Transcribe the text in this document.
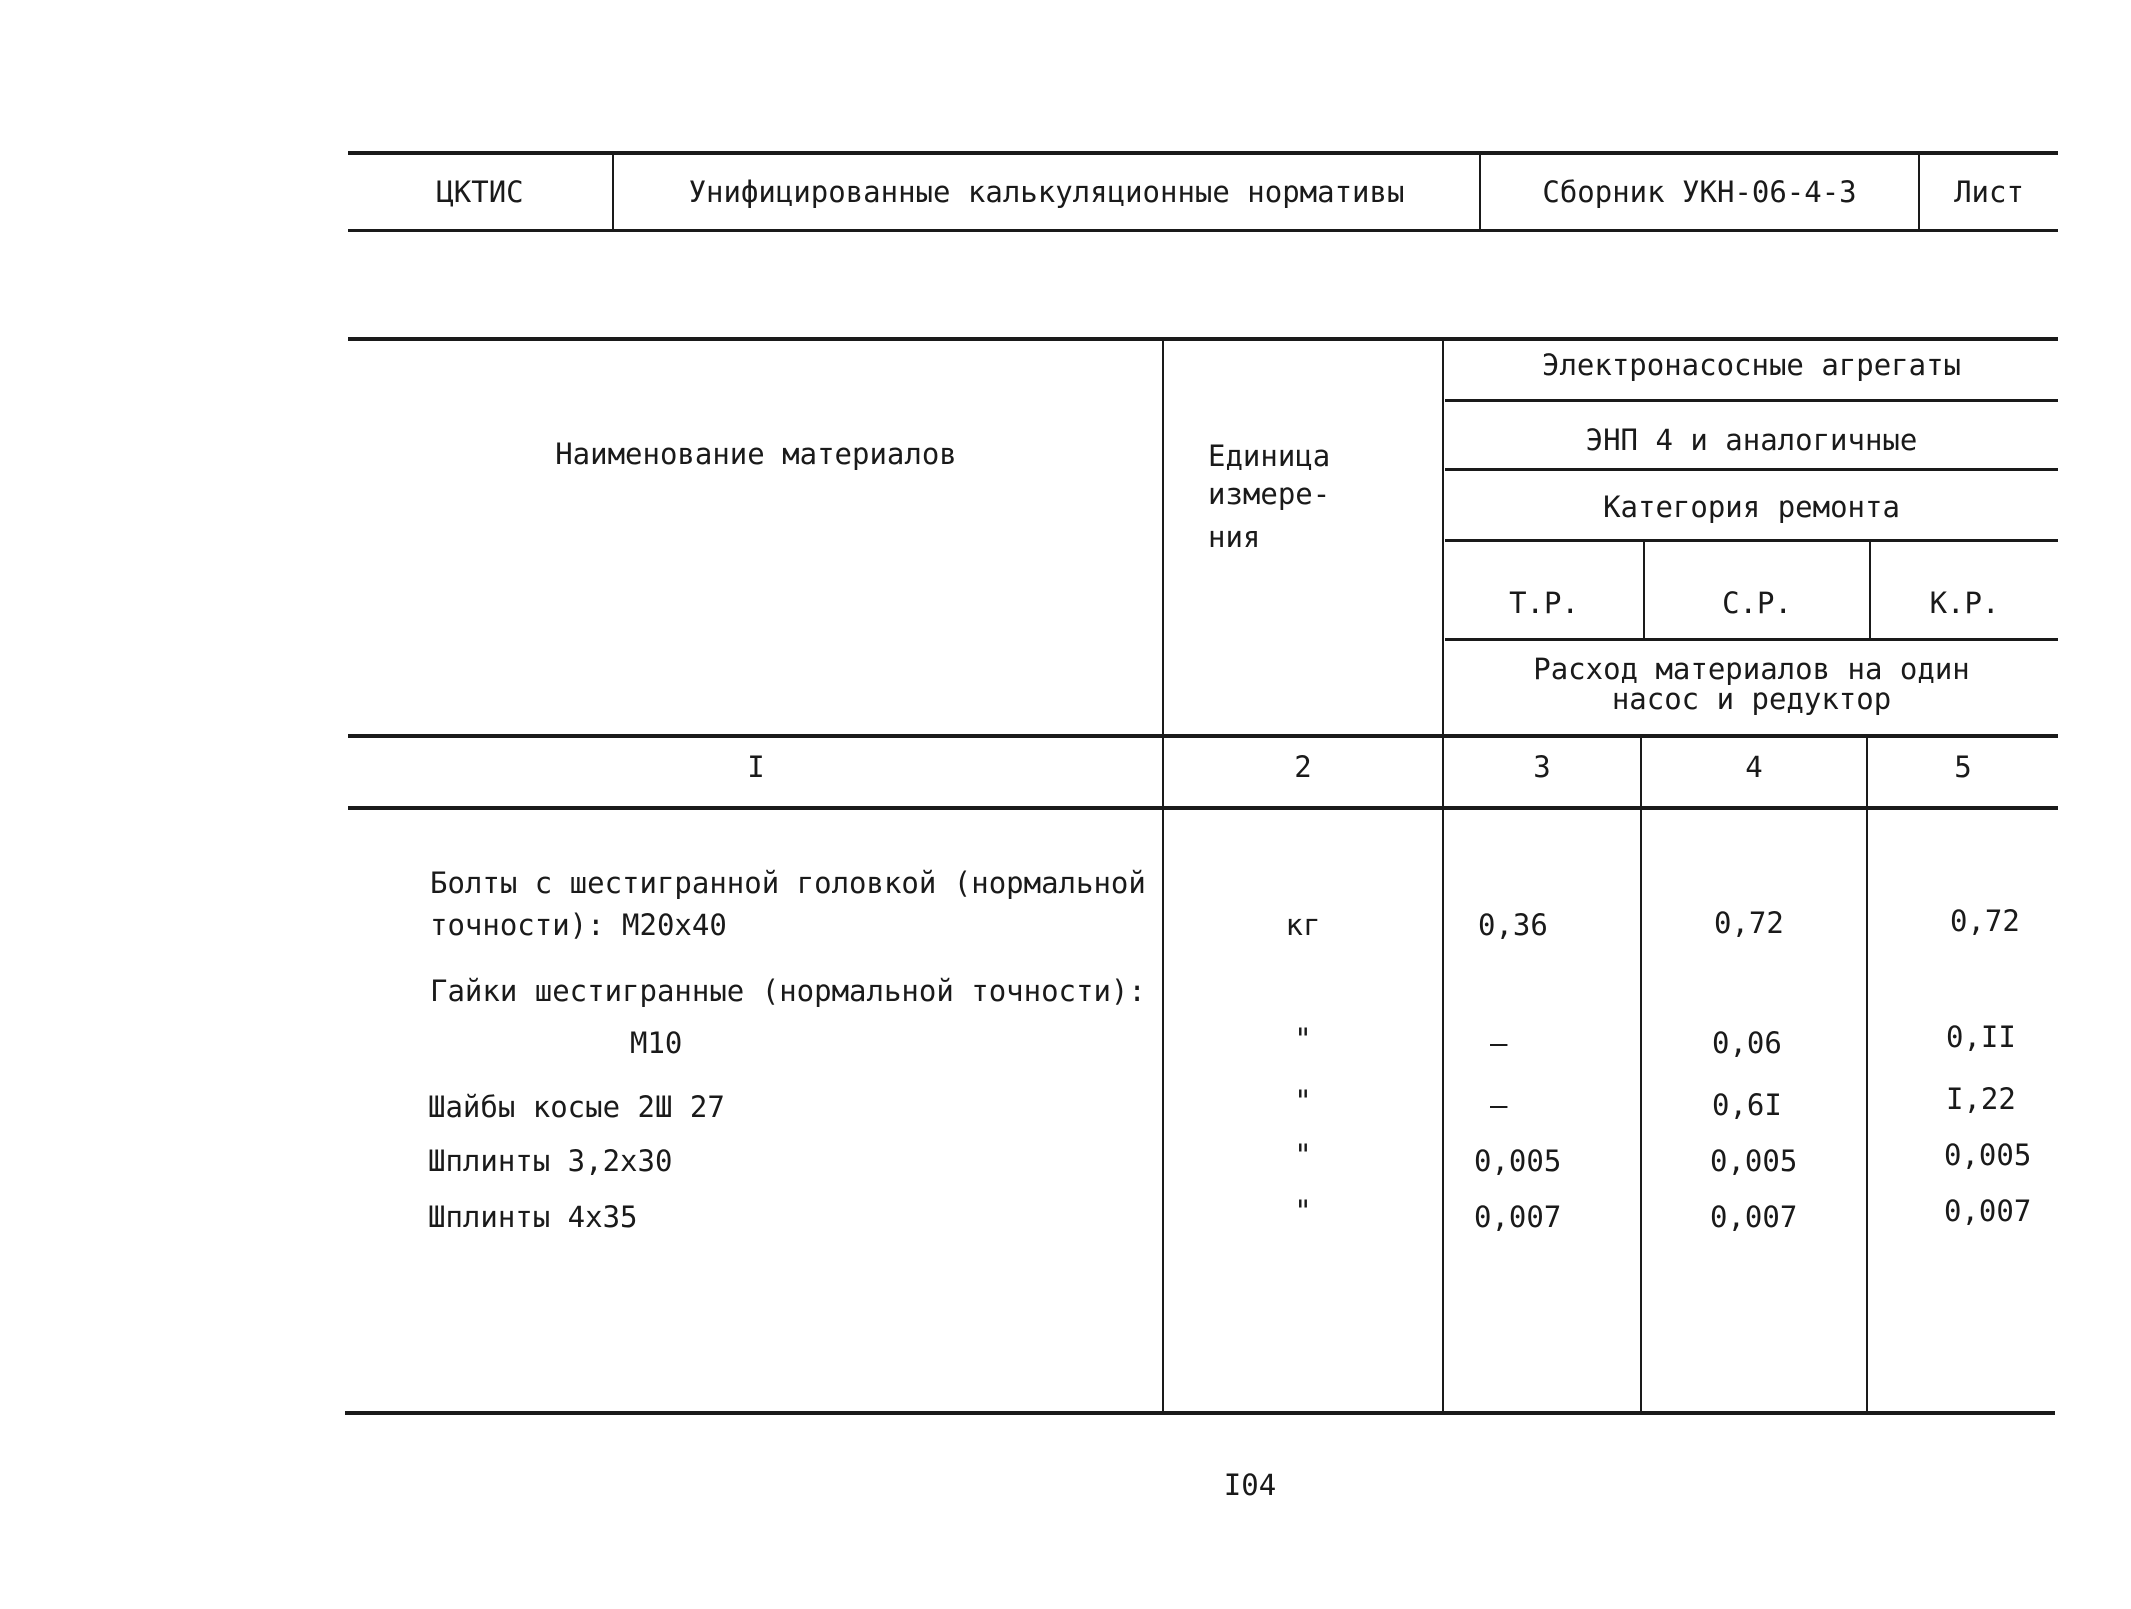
ЦКТИС	Унифицированные калькуляционные нормативы	Сборник УКН-06-4-3	Лист
Наименование материалов	Единица
измере-
ния
Электронасосные агрегаты
ЭНП 4 и аналогичные
Категория ремонта
Т.Р.	С.Р.	К.Р.
Расход материалов на один
насос и редуктор
I	2	3	4	5
Болты с шестигранной головкой (нормальной
точности): М20х40	кг	0,36	0,72	0,72
Гайки шестигранные (нормальной точности):
М10	"	–	0,06	0,II
Шайбы косые 2Ш 27	"	–	0,6I	I,22
Шплинты 3,2х30	"	0,005	0,005	0,005
Шплинты 4х35	"	0,007	0,007	0,007
I04
